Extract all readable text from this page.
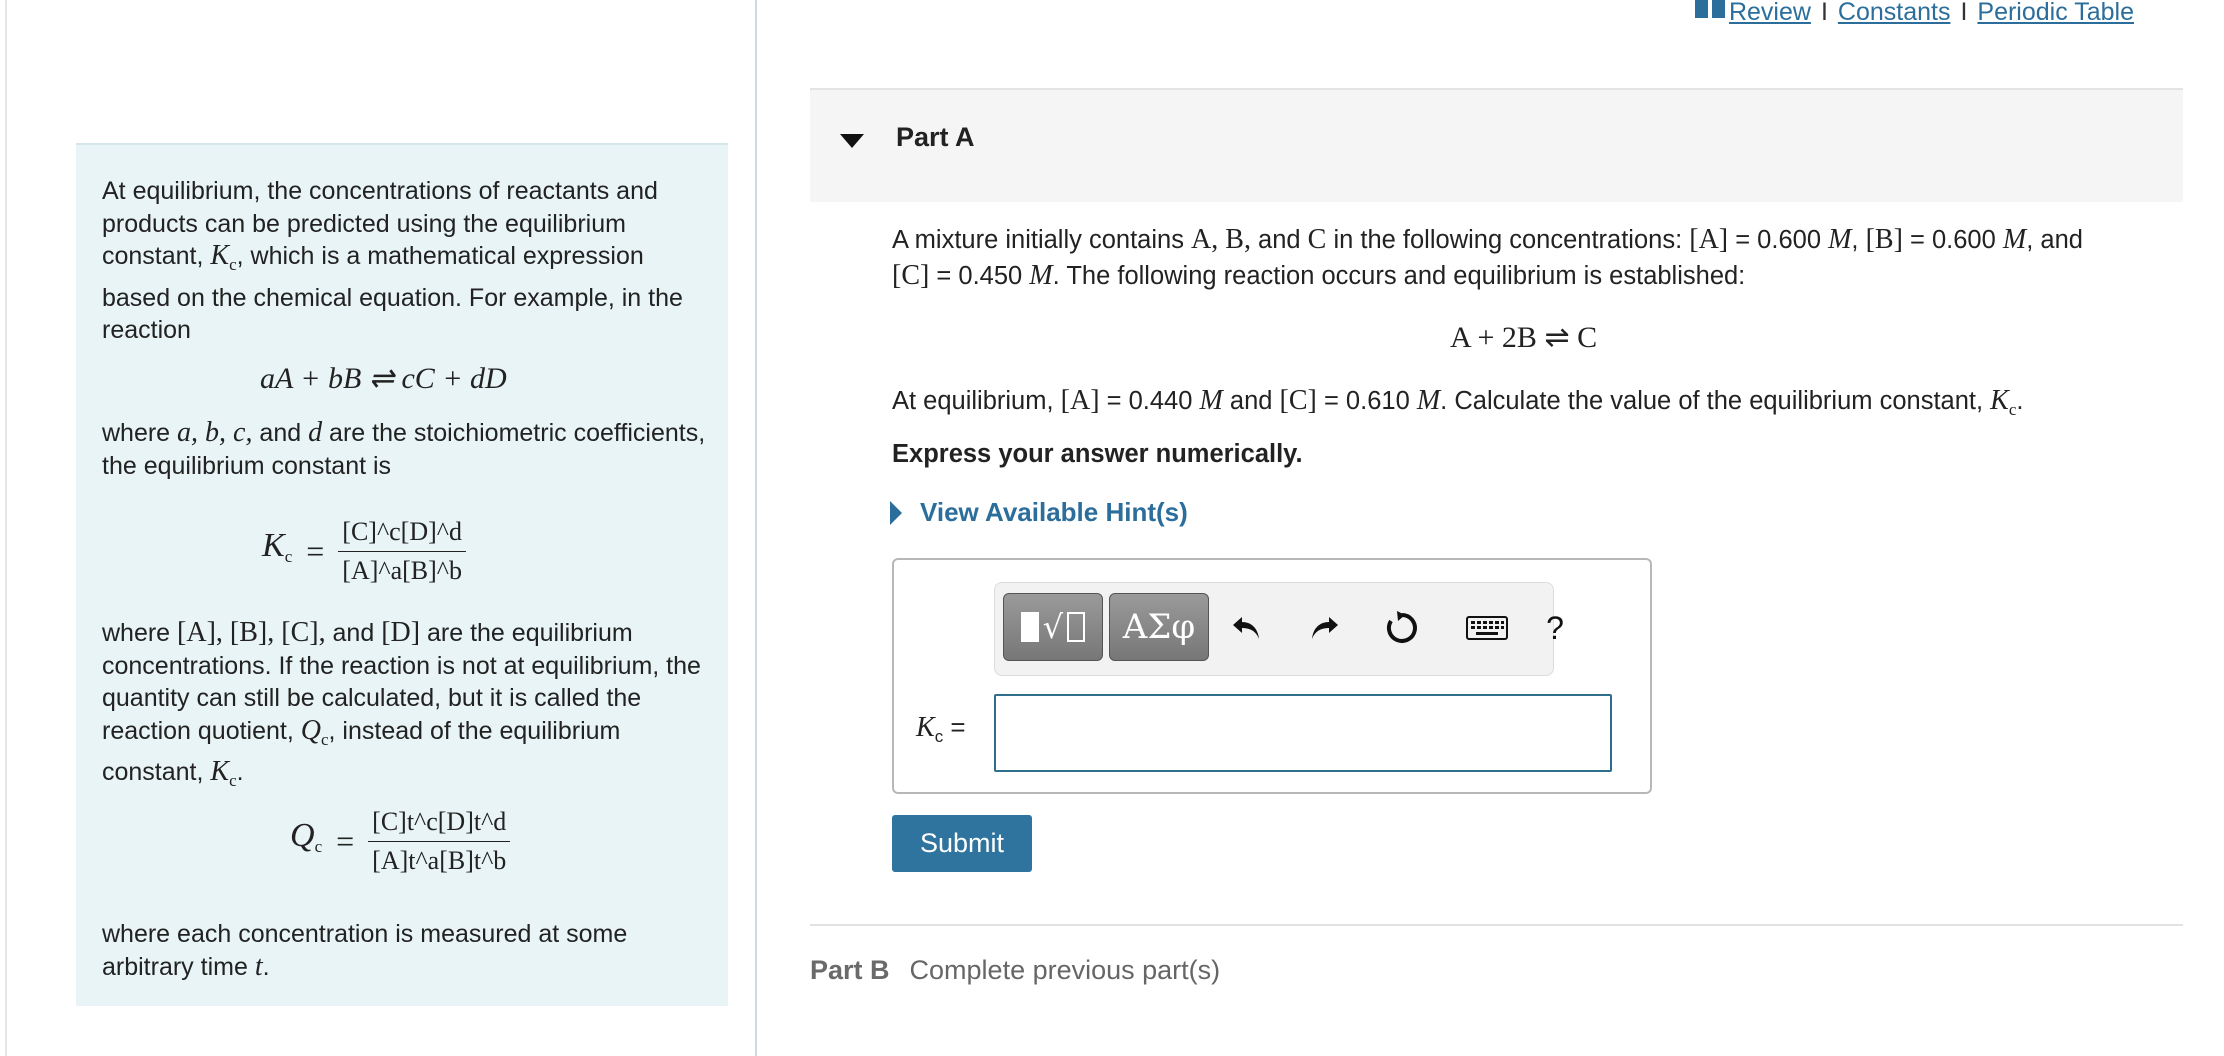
Review I Constants I Periodic Table

At equilibrium, the concentrations of reactants and products can be predicted using the equilibrium constant, $K_c$, which is a mathematical expression based on the chemical equation. For example, in the reaction

aA + bB ⇌ cC + dD

where a, b, c, and d are the stoichiometric coefficients, the equilibrium constant is

$K_c = \frac{[C]\^{}c[D]\^{}d}{[A]\^{}a[B]\^{}b}$

where [A], [B], [C], and [D] are the equilibrium concentrations. If the reaction is not at equilibrium, the quantity can still be calculated, but it is called the reaction quotient, $Q_c$, instead of the equilibrium constant, $K_c$.

$Q_c = \frac{[C]t\^{}c[D]t\^{}d}{[A]t\^{}a[B]t\^{}b}$

where each concentration is measured at some arbitrary time t.

Part A
A mixture initially contains A, B, and C in the following concentrations: [A] = 0.600 M, [B] = 0.600 M, and
[C] = 0.450 M. The following reaction occurs and equilibrium is established:
A + 2B ⇌ C
At equilibrium, [A] = 0.440 M and [C] = 0.610 M. Calculate the value of the equilibrium constant, $K_c$.
Express your answer numerically.
View Available Hint(s)
√	ΑΣφ	?
$K_c$ =
Submit
Part B Complete previous part(s)
